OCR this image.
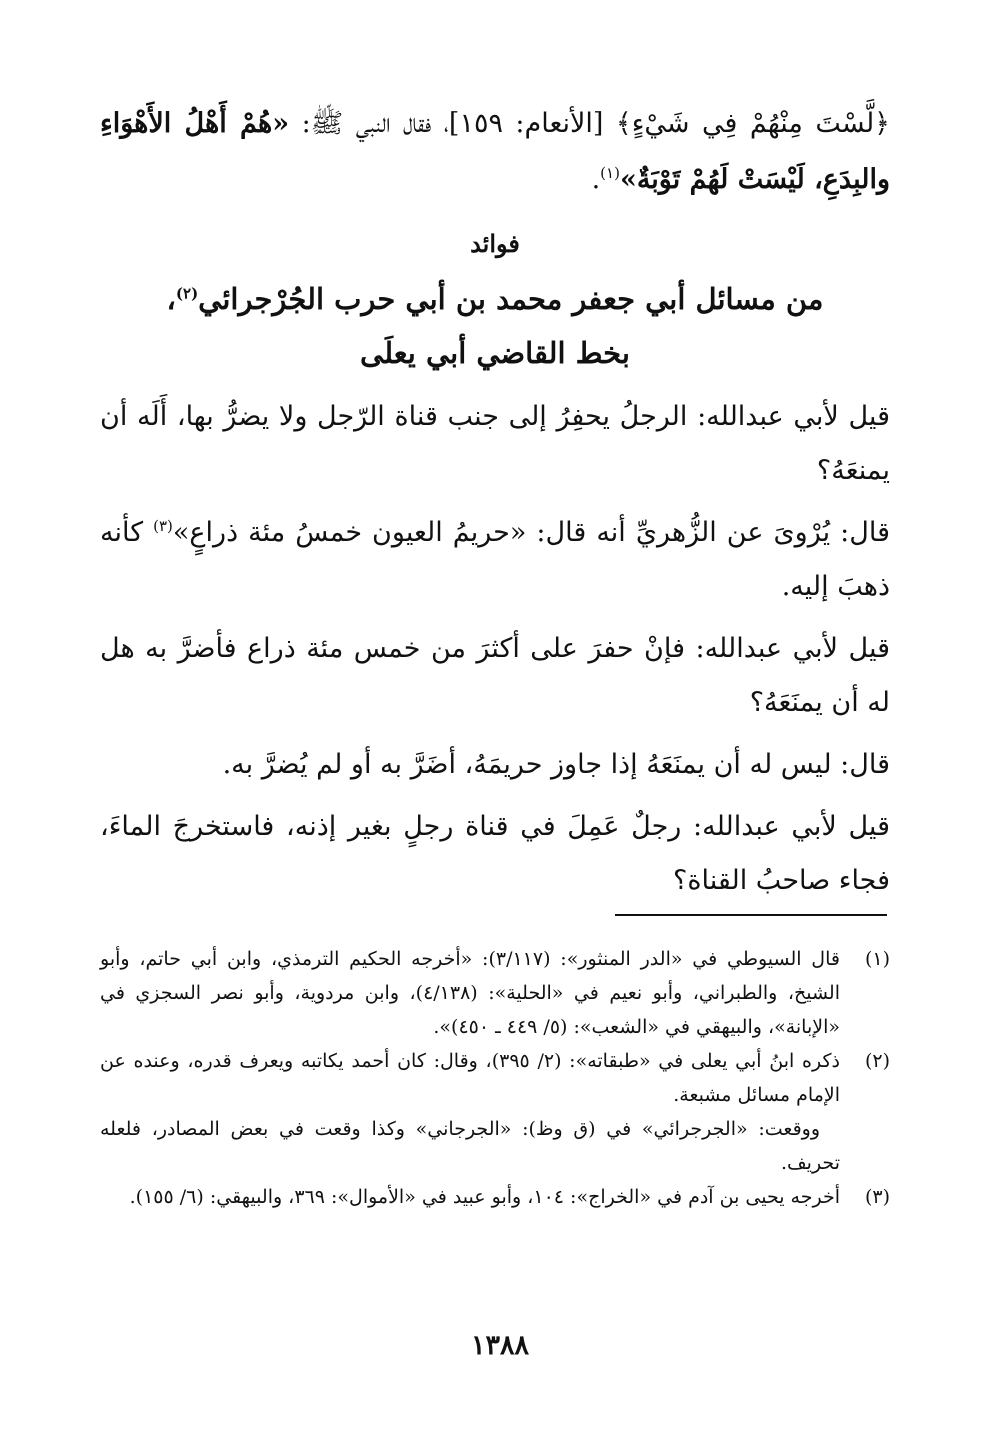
﴿لَّسْتَ مِنْهُمْ فِي شَيْءٍ﴾ [الأنعام: ١٥٩]، فقال النبي ﷺ: «هُمْ أَهْلُ الأَهْوَاءِ والبِدَعِ، لَيْسَتْ لَهُمْ تَوْبَةٌ»$^{(١)}$.

فوائد

من مسائل أبي جعفر محمد بن أبي حرب الجُرْجرائي$^{(٢)}$،

بخط القاضي أبي يعلَى

قيل لأبي عبدالله: الرجلُ يحفِرُ إلى جنب قناة الرّجل ولا يضرُّ بها، أَلَه أن يمنعَهُ؟

قال: يُرْوىَ عن الزُّهريِّ أنه قال: «حريمُ العيون خمسُ مئة ذراعٍ»$^{(٣)}$ كأنه ذهبَ إليه.

قيل لأبي عبدالله: فإنْ حفرَ على أكثرَ من خمس مئة ذراع فأضرَّ به هل له أن يمنَعَهُ؟

قال: ليس له أن يمنَعَهُ إذا جاوز حريمَهُ، أضَرَّ به أو لم يُضرَّ به.

قيل لأبي عبدالله: رجلٌ عَمِلَ في قناة رجلٍ بغير إذنه، فاستخرجَ الماءَ، فجاء صاحبُ القناة؟

(١)
قال السيوطي في «الدر المنثور»: (٣/١١٧): «أخرجه الحكيم الترمذي، وابن أبي حاتم، وأبو الشيخ، والطبراني، وأبو نعيم في «الحلية»: (٤/١٣٨)، وابن مردوية، وأبو نصر السجزي في «الإبانة»، والبيهقي في «الشعب»: (٥/ ٤٤٩ ـ ٤٥٠)».
(٢)
ذكره ابنُ أبي يعلى في «طبقاته»: (٢/ ٣٩٥)، وقال: كان أحمد يكاتبه ويعرف قدره، وعنده عن الإمام مسائل مشبعة.

ووقعت: «الجرجرائي» في (ق وظ): «الجرجاني» وكذا وقعت في بعض المصادر، فلعله تحريف.

(٣)
أخرجه يحيى بن آدم في «الخراج»: ١٠٤، وأبو عبيد في «الأموال»: ٣٦٩، والبيهقي: (٦/ ١٥٥).
١٣٨٨
